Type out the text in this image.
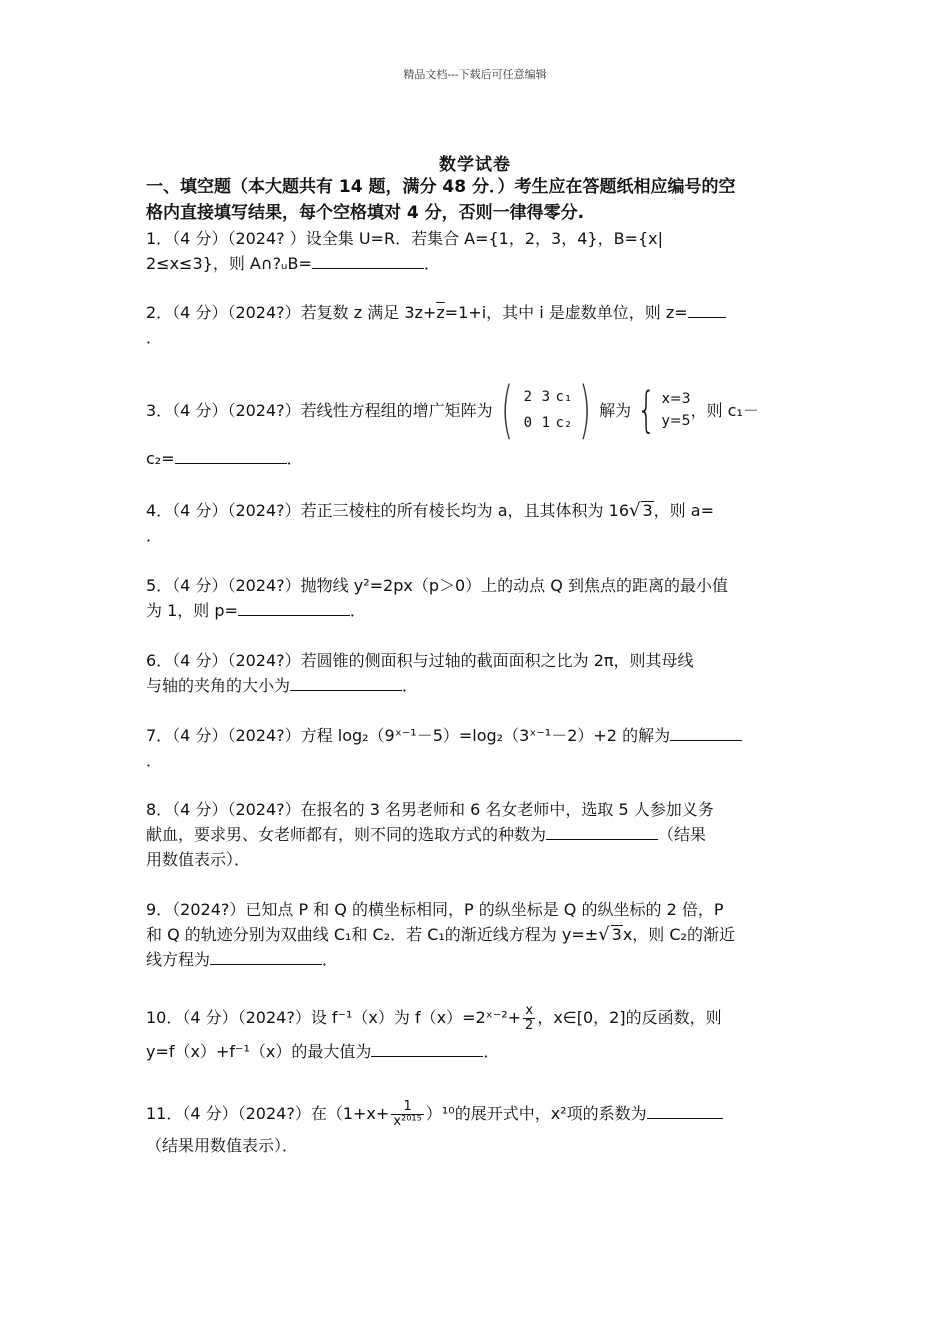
精品文档---下载后可任意编辑
数学试卷
一、填空题（本大题共有 14 题，满分 48 分．）考生应在答题纸相应编号的空
格内直接填写结果，每个空格填对 4 分，否则一律得零分.
1．（4 分）（2024? ）设全集 U=R．若集合 A={1，2，3，4}，B={x|
2≤x≤3}，则 A∩?ᵤB=	．
2．（4 分）（2024?）若复数 z 满足 $3z+\overline{z}=1+i$，其中 i 是虚数单位，则 z=
．
3．（4 分）（2024?）若线性方程组的增广矩阵为 ( 2 3 c₁
0 1 c₂ ) 解为 { x=3
y=5
，则 c₁－
c₂=	．
4．（4 分）（2024?）若正三棱柱的所有棱长均为 a，且其体积为 16√ 3，则 a=
．
5．（4 分）（2024?）抛物线 y²=2px（p＞0）上的动点 Q 到焦点的距离的最小值
为 1，则 p=	．
6．（4 分）（2024?）若圆锥的侧面积与过轴的截面面积之比为 2π，则其母线
与轴的夹角的大小为	．
7．（4 分）（2024?）方程 log₂（9ˣ⁻¹－5）=log₂（3ˣ⁻¹－2）+2 的解为
．
8．（4 分）（2024?）在报名的 3 名男老师和 6 名女老师中，选取 5 人参加义务
献血，要求男、女老师都有，则不同的选取方式的种数为	（结果
用数值表示）．
9．（2024?）已知点 P 和 Q 的横坐标相同，P 的纵坐标是 Q 的纵坐标的 2 倍，P
和 Q 的轨迹分别为双曲线 C₁和 C₂．若 C₁的渐近线方程为 y=±√ 3x，则 C₂的渐近
线方程为	．
10．（4 分）（2024?）设 f⁻¹（x）为 f（x）=2ˣ⁻²+ $\frac{x}{2}$ ，x∈[0，2]的反函数，则
y=f（x）+f⁻¹（x）的最大值为	．
11．（4 分）（2024?）在$(1+x+ \frac{1}{\text{x²⁰¹⁵}} )^{10}$的展开式中，x²项的系数为
（结果用数值表示）．
